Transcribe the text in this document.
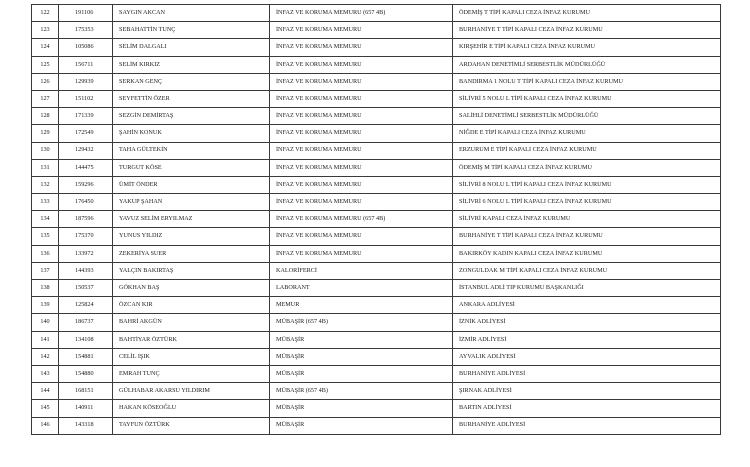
122	191106	SAYGIN AKCAN	İNFAZ VE KORUMA MEMURU (657 4B)	ÖDEMİŞ T TİPİ KAPALI CEZA İNFAZ KURUMU
123	175353	SEBAHATTİN TUNÇ	İNFAZ VE KORUMA MEMURU	BURHANİYE T TİPİ KAPALI CEZA İNFAZ KURUMU
124	105086	SELİM DALGALI	İNFAZ VE KORUMA MEMURU	KIRŞEHİR E TİPİ KAPALI CEZA İNFAZ KURUMU
125	156711	SELİM KIRKIZ	İNFAZ VE KORUMA MEMURU	ARDAHAN DENETİMLİ SERBESTLİK MÜDÜRLÜĞÜ
126	129939	SERKAN GENÇ	İNFAZ VE KORUMA MEMURU	BANDIRMA 1 NOLU T TİPİ KAPALI CEZA İNFAZ KURUMU
127	151102	SEYFETTİN ÖZER	İNFAZ VE KORUMA MEMURU	SİLİVRİ 5 NOLU L TİPİ KAPALI CEZA İNFAZ KURUMU
128	171339	SEZGİN DEMİRTAŞ	İNFAZ VE KORUMA MEMURU	SALİHLİ DENETİMLİ SERBESTLİK MÜDÜRLÜĞÜ
129	172549	ŞAHİN KONUK	İNFAZ VE KORUMA MEMURU	NİĞDE E TİPİ KAPALI CEZA İNFAZ KURUMU
130	129432	TAHA GÜLTEKİN	İNFAZ VE KORUMA MEMURU	ERZURUM E TİPİ KAPALI CEZA İNFAZ KURUMU
131	144475	TURGUT KÖSE	İNFAZ VE KORUMA MEMURU	ÖDEMİŞ M TİPİ KAPALI CEZA İNFAZ KURUMU
132	159296	ÜMİT ÖNDER	İNFAZ VE KORUMA MEMURU	SİLİVRİ 8 NOLU L TİPİ KAPALI CEZA İNFAZ KURUMU
133	176450	YAKUP ŞAHAN	İNFAZ VE KORUMA MEMURU	SİLİVRİ 6 NOLU L TİPİ KAPALI CEZA İNFAZ KURUMU
134	187596	YAVUZ SELİM ERYILMAZ	İNFAZ VE KORUMA MEMURU (657 4B)	SİLİVRİ KAPALI CEZA İNFAZ KURUMU
135	175370	YUNUS YILDIZ	İNFAZ VE KORUMA MEMURU	BURHANİYE T TİPİ KAPALI CEZA İNFAZ KURUMU
136	133972	ZEKERİYA SUER	İNFAZ VE KORUMA MEMURU	BAKIRKÖY KADIN KAPALI CEZA İNFAZ KURUMU
137	144393	YALÇIN BAKIRTAŞ	KALORİFERCİ	ZONGULDAK M TİPİ KAPALI CEZA İNFAZ KURUMU
138	150537	GÖKHAN BAŞ	LABORANT	İSTANBUL ADLİ TIP KURUMU BAŞKANLIĞI
139	125824	ÖZCAN KIR	MEMUR	ANKARA ADLİYESİ
140	186737	BAHRİ AKGÜN	MÜBAŞİR (657 4B)	İZNİK ADLİYESİ
141	134108	BAHTİYAR ÖZTÜRK	MÜBAŞİR	İZMİR ADLİYESİ
142	154881	CELİL IŞIK	MÜBAŞİR	AYVALIK ADLİYESİ
143	154880	EMRAH TUNÇ	MÜBAŞİR	BURHANİYE ADLİYESİ
144	168151	GÜLHABAR AKARSU YILDIRIM	MÜBAŞİR (657 4B)	ŞIRNAK ADLİYESİ
145	140911	HAKAN KÖSEOĞLU	MÜBAŞİR	BARTIN ADLİYESİ
146	143318	TAYFUN ÖZTÜRK	MÜBAŞİR	BURHANİYE ADLİYESİ
